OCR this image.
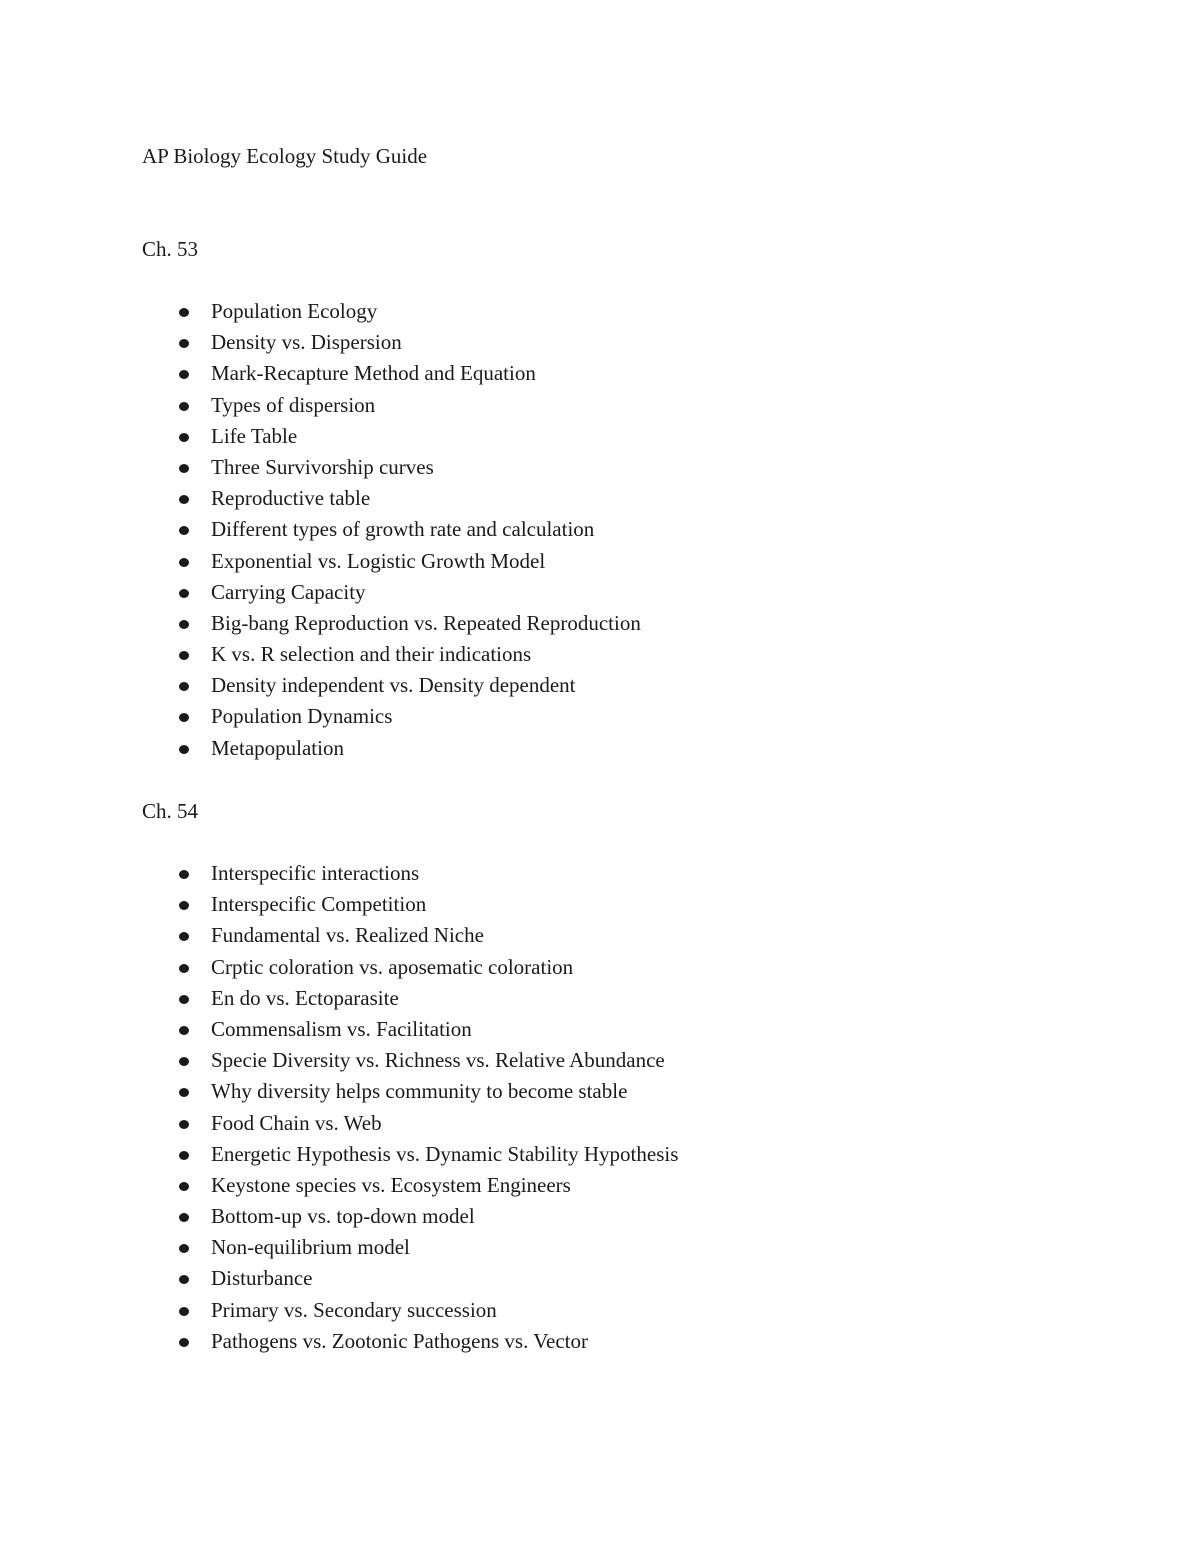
AP Biology Ecology Study Guide
Ch. 53
Population Ecology
Density vs. Dispersion
Mark-Recapture Method and Equation
Types of dispersion
Life Table
Three Survivorship curves
Reproductive table
Different types of growth rate and calculation
Exponential vs. Logistic Growth Model
Carrying Capacity
Big-bang Reproduction vs. Repeated Reproduction
K vs. R selection and their indications
Density independent vs. Density dependent
Population Dynamics
Metapopulation
Ch. 54
Interspecific interactions
Interspecific Competition
Fundamental vs. Realized Niche
Crptic coloration vs. aposematic coloration
En do vs. Ectoparasite
Commensalism vs. Facilitation
Specie Diversity vs. Richness vs. Relative Abundance
Why diversity helps community to become stable
Food Chain vs. Web
Energetic Hypothesis vs. Dynamic Stability Hypothesis
Keystone species vs. Ecosystem Engineers
Bottom-up vs. top-down model
Non-equilibrium model
Disturbance
Primary vs. Secondary succession
Pathogens vs. Zootonic Pathogens vs. Vector
